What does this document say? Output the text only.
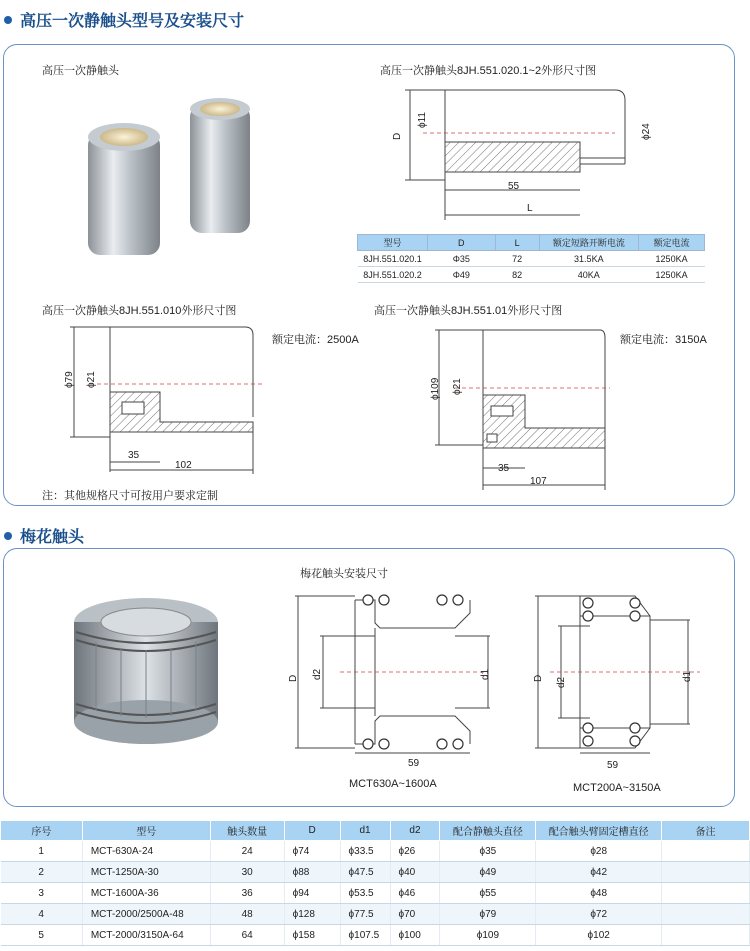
高压一次静触头型号及安装尺寸
高压一次静触头	高压一次静触头8JH.551.020.1~2外形尺寸图
D
ϕ11
ϕ24
55
L
型号	D	L	额定短路开断电流	额定电流
8JH.551.020.1	Φ35	72	31.5KA	1250KA
8JH.551.020.2	Φ49	82	40KA	1250KA
高压一次静触头8JH.551.010外形尺寸图
额定电流：2500A
ϕ79 ϕ21
35
102
高压一次静触头8JH.551.01外形尺寸图
额定电流：3150A
ϕ109 ϕ21
35
107
注：其他规格尺寸可按用户要求定制
梅花触头
梅花触头安装尺寸
D d2	d1
59
MCT630A~1600A
D d2
d1
59
MCT200A~3150A
序号	型号	触头数量	D	d1	d2	配合静触头直径	配合触头臂固定槽直径	备注
1	MCT-630A-24	24	ϕ74	ϕ33.5	ϕ26	ϕ35	ϕ28	
2	MCT-1250A-30	30	ϕ88	ϕ47.5	ϕ40	ϕ49	ϕ42	
3	MCT-1600A-36	36	ϕ94	ϕ53.5	ϕ46	ϕ55	ϕ48	
4	MCT-2000/2500A-48	48	ϕ128	ϕ77.5	ϕ70	ϕ79	ϕ72	
5	MCT-2000/3150A-64	64	ϕ158	ϕ107.5	ϕ100	ϕ109	ϕ102	
